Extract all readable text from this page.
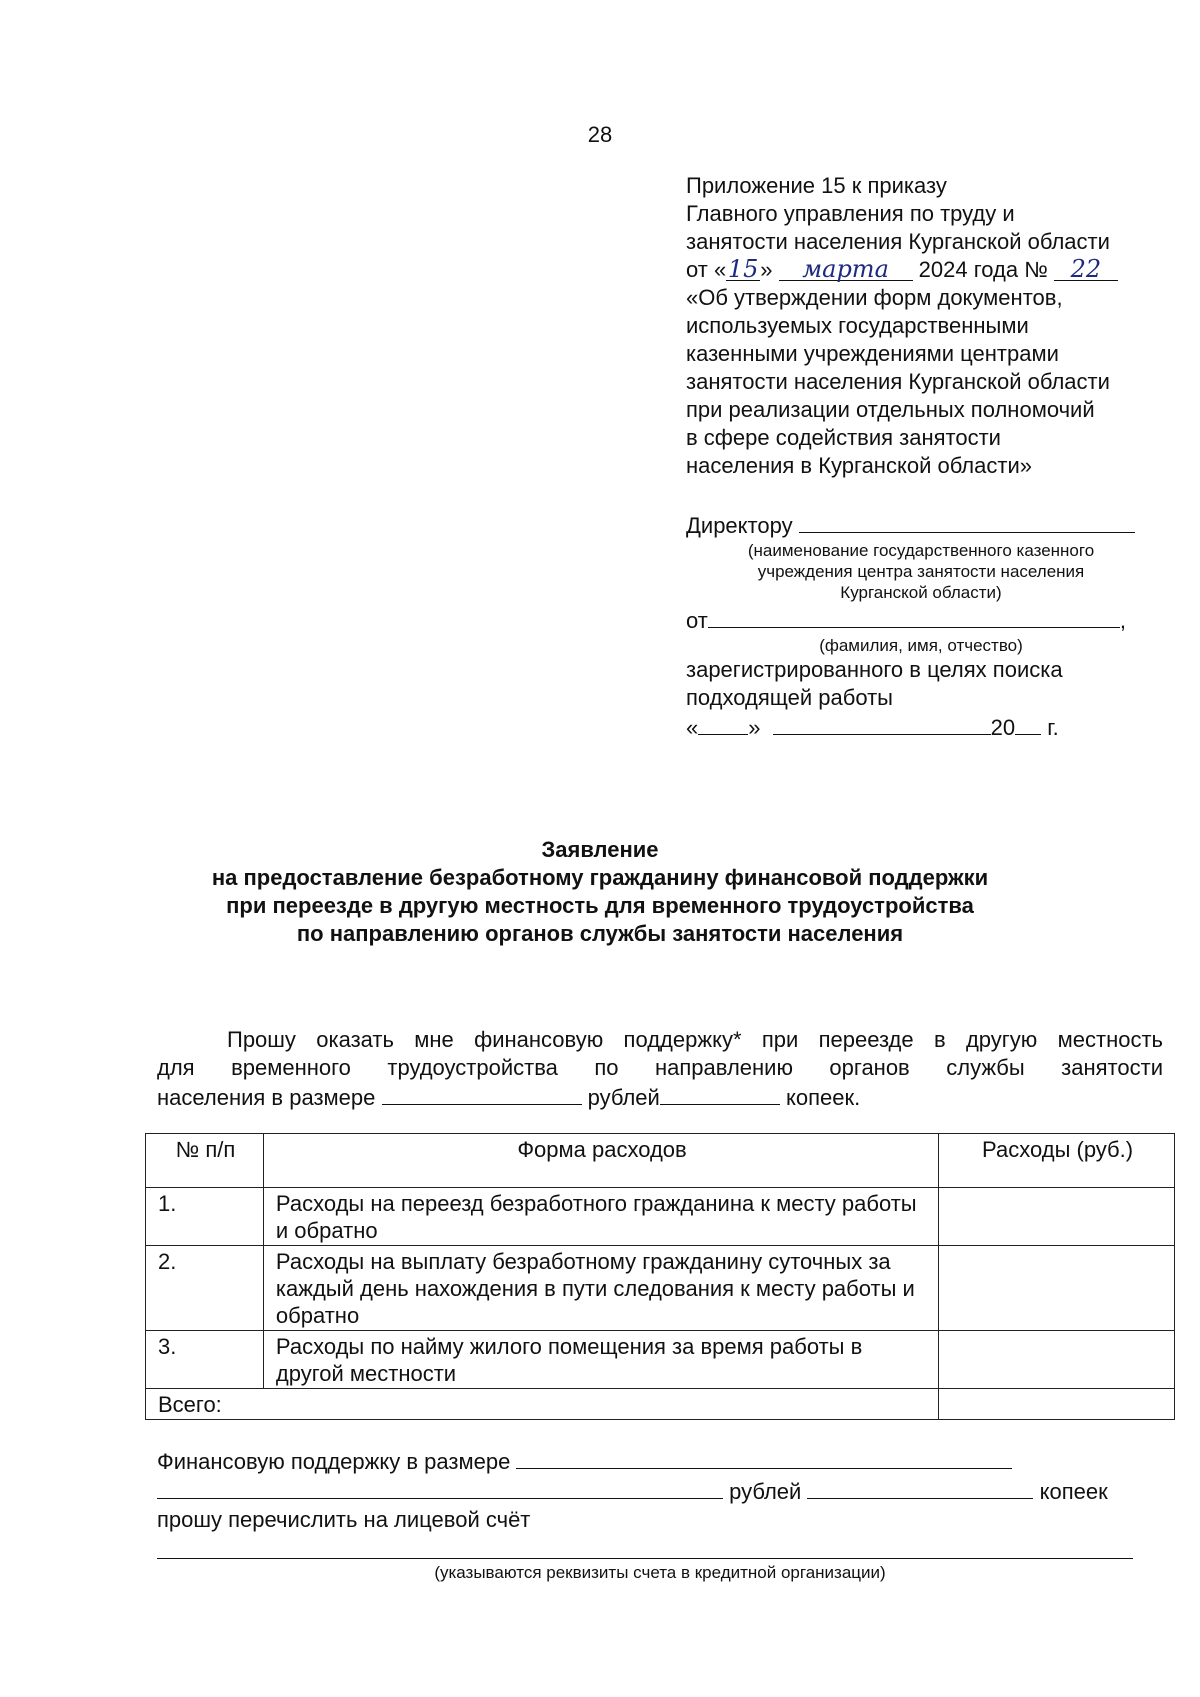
28
Приложение 15 к приказу
Главного управления по труду и
занятости населения Курганской области
от «15» марта 2024 года № 22
«Об утверждении форм документов,
используемых государственными
казенными учреждениями центрами
занятости населения Курганской области
при реализации отдельных полномочий
в сфере содействия занятости
населения в Курганской области»
Директору
(наименование государственного казенного
учреждения центра занятости населения
Курганской области)
от	,
(фамилия, имя, отчество)
зарегистрированного в целях поиска
подходящей работы
« »	20 г.
Заявление
на предоставление безработному гражданину финансовой поддержки
при переезде в другую местность для временного трудоустройства
по направлению органов службы занятости населения
Прошу оказать мне финансовую поддержку* при переезде в другую местность
для временного трудоустройства по направлению органов службы занятости
населения в размере	рублей	копеек.
№ п/п	Форма расходов	Расходы (руб.)
1.	Расходы на переезд безработного гражданина к месту работы и обратно	
2.	Расходы на выплату безработному гражданину суточных за каждый день нахождения в пути следования к месту работы и обратно	
3.	Расходы по найму жилого помещения за время работы в другой местности	
Всего:		
Финансовую поддержку в размере
рублей	копеек
прошу перечислить на лицевой счёт
(указываются реквизиты счета в кредитной организации)
